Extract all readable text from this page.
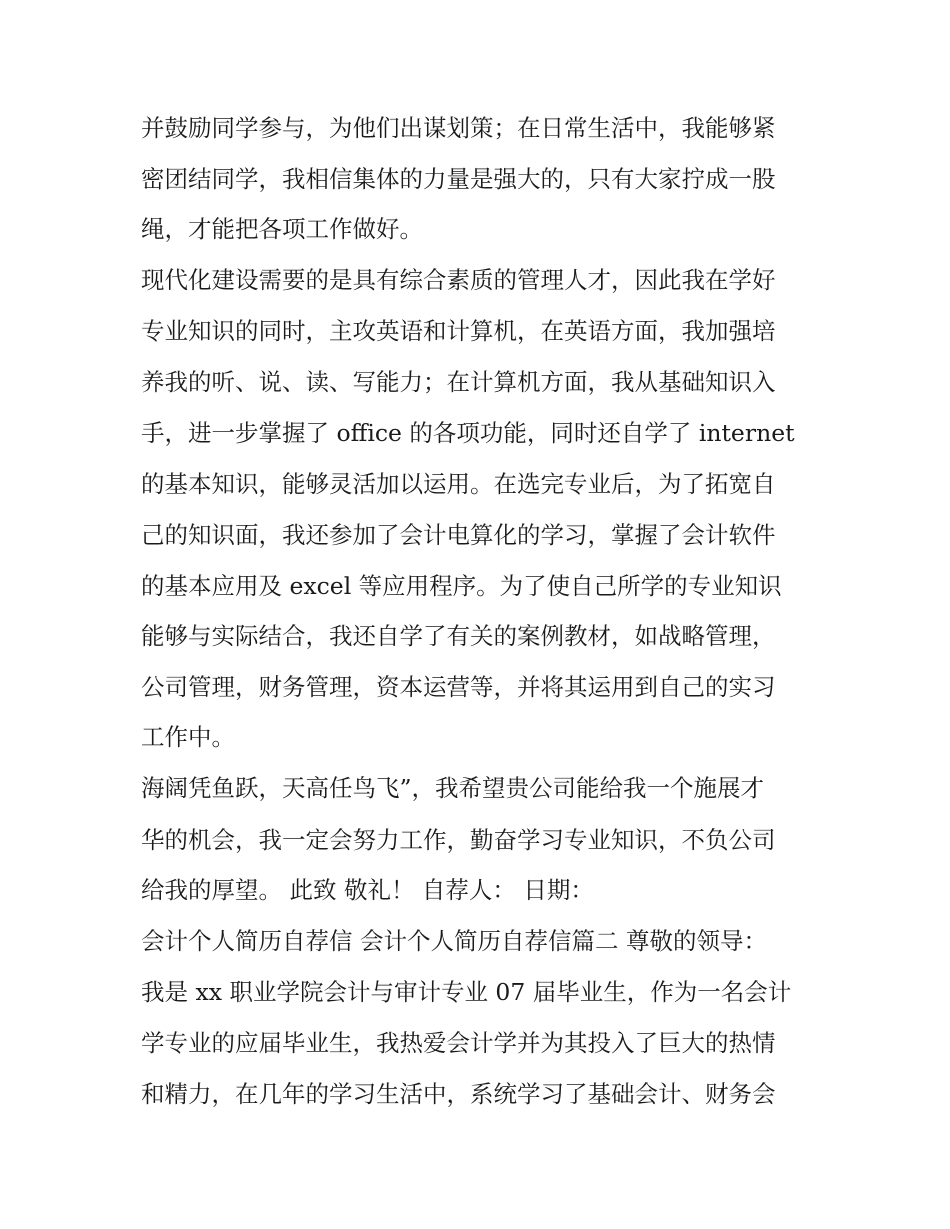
并鼓励同学参与，为他们出谋划策；在日常生活中，我能够紧

密团结同学，我相信集体的力量是强大的，只有大家拧成一股

绳，才能把各项工作做好。

现代化建设需要的是具有综合素质的管理人才，因此我在学好

专业知识的同时，主攻英语和计算机，在英语方面，我加强培

养我的听、说、读、写能力；在计算机方面，我从基础知识入

手，进一步掌握了 office 的各项功能，同时还自学了 internet

的基本知识，能够灵活加以运用。在选完专业后，为了拓宽自

己的知识面，我还参加了会计电算化的学习，掌握了会计软件

的基本应用及 excel 等应用程序。为了使自己所学的专业知识

能够与实际结合，我还自学了有关的案例教材，如战略管理，

公司管理，财务管理，资本运营等，并将其运用到自己的实习

工作中。

海阔凭鱼跃，天高任鸟飞”，我希望贵公司能给我一个施展才

华的机会，我一定会努力工作，勤奋学习专业知识，不负公司

给我的厚望。 此致 敬礼！ 自荐人： 日期：

会计个人简历自荐信 会计个人简历自荐信篇二 尊敬的领导：

我是 xx 职业学院会计与审计专业 07 届毕业生，作为一名会计

学专业的应届毕业生，我热爱会计学并为其投入了巨大的热情

和精力，在几年的学习生活中，系统学习了基础会计、财务会
